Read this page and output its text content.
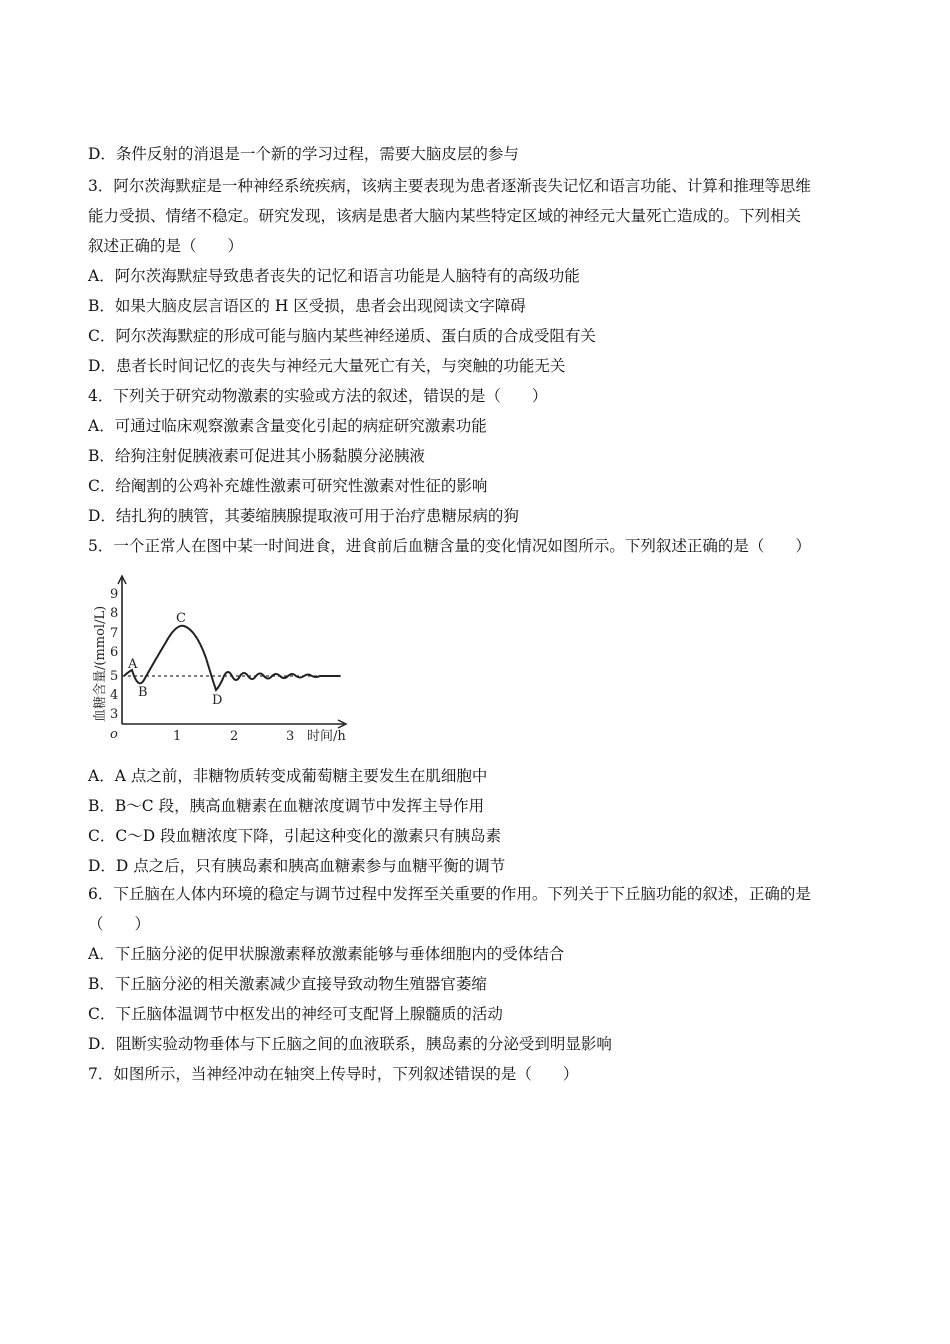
D．条件反射的消退是一个新的学习过程，需要大脑皮层的参与
3．阿尔茨海默症是一种神经系统疾病，该病主要表现为患者逐渐丧失记忆和语言功能、计算和推理等思维
能力受损、情绪不稳定。研究发现，该病是患者大脑内某些特定区域的神经元大量死亡造成的。下列相关
叙述正确的是（　　）
A．阿尔茨海默症导致患者丧失的记忆和语言功能是人脑特有的高级功能
B．如果大脑皮层言语区的 H 区受损，患者会出现阅读文字障碍
C．阿尔茨海默症的形成可能与脑内某些神经递质、蛋白质的合成受阻有关
D．患者长时间记忆的丧失与神经元大量死亡有关，与突触的功能无关
4．下列关于研究动物激素的实验或方法的叙述，错误的是（　　）
A．可通过临床观察激素含量变化引起的病症研究激素功能
B．给狗注射促胰液素可促进其小肠黏膜分泌胰液
C．给阉割的公鸡补充雄性激素可研究性激素对性征的影响
D．结扎狗的胰管，其萎缩胰腺提取液可用于治疗患糖尿病的狗
5．一个正常人在图中某一时间进食，进食前后血糖含量的变化情况如图所示。下列叙述正确的是（　　）
A．A 点之前，非糖物质转变成葡萄糖主要发生在肌细胞中
B．B～C 段，胰高血糖素在血糖浓度调节中发挥主导作用
C．C～D 段血糖浓度下降，引起这种变化的激素只有胰岛素
D．D 点之后，只有胰岛素和胰高血糖素参与血糖平衡的调节
6．下丘脑在人体内环境的稳定与调节过程中发挥至关重要的作用。下列关于下丘脑功能的叙述，正确的是
（　　）
A．下丘脑分泌的促甲状腺激素释放激素能够与垂体细胞内的受体结合
B．下丘脑分泌的相关激素减少直接导致动物生殖器官萎缩
C．下丘脑体温调节中枢发出的神经可支配肾上腺髓质的活动
D．阻断实验动物垂体与下丘脑之间的血液联系，胰岛素的分泌受到明显影响
7．如图所示，当神经冲动在轴突上传导时，下列叙述错误的是（　　）
9
8
7
6
5
4
3
血糖含量/(mmol/L)
o	1	2	3 时间/h
A
B
C
D
